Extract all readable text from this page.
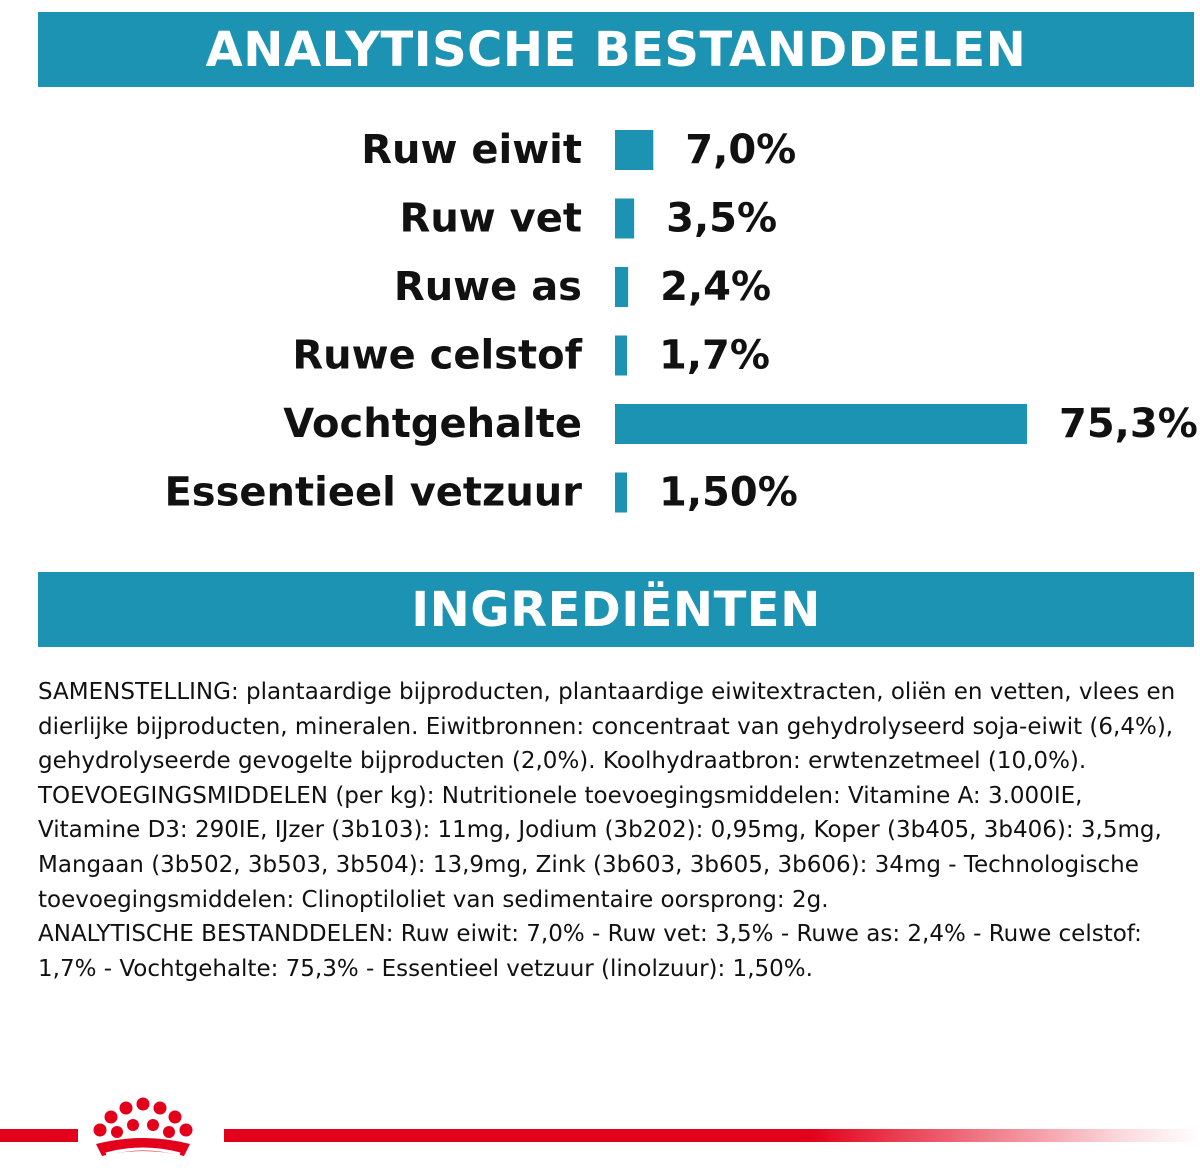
ANALYTISCHE BESTANDDELEN
Ruw eiwit	7,0%
Ruw vet 3,5%
Ruwe as 2,4%
Ruwe celstof 1,7%
Vochtgehalte	75,3%
Essentieel vetzuur 1,50%
INGREDIËNTEN

SAMENSTELLING: plantaardige bijproducten, plantaardige eiwitextracten, oliën en vetten, vlees en dierlijke bijproducten, mineralen. Eiwitbronnen: concentraat van gehydrolyseerd soja-eiwit (6,4%), gehydrolyseerde gevogelte bijproducten (2,0%). Koolhydraatbron: erwtenzetmeel (10,0%).

TOEVOEGINGSMIDDELEN (per kg): Nutritionele toevoegingsmiddelen: Vitamine A: 3.000IE, Vitamine D3: 290IE, IJzer (3b103): 11mg, Jodium (3b202): 0,95mg, Koper (3b405, 3b406): 3,5mg, Mangaan (3b502, 3b503, 3b504): 13,9mg, Zink (3b603, 3b605, 3b606): 34mg - Technologische toevoegingsmiddelen: Clinoptiloliet van sedimentaire oorsprong: 2g.

ANALYTISCHE BESTANDDELEN: Ruw eiwit: 7,0% - Ruw vet: 3,5% - Ruwe as: 2,4% - Ruwe celstof: 1,7% - Vochtgehalte: 75,3% - Essentieel vetzuur (linolzuur): 1,50%.
